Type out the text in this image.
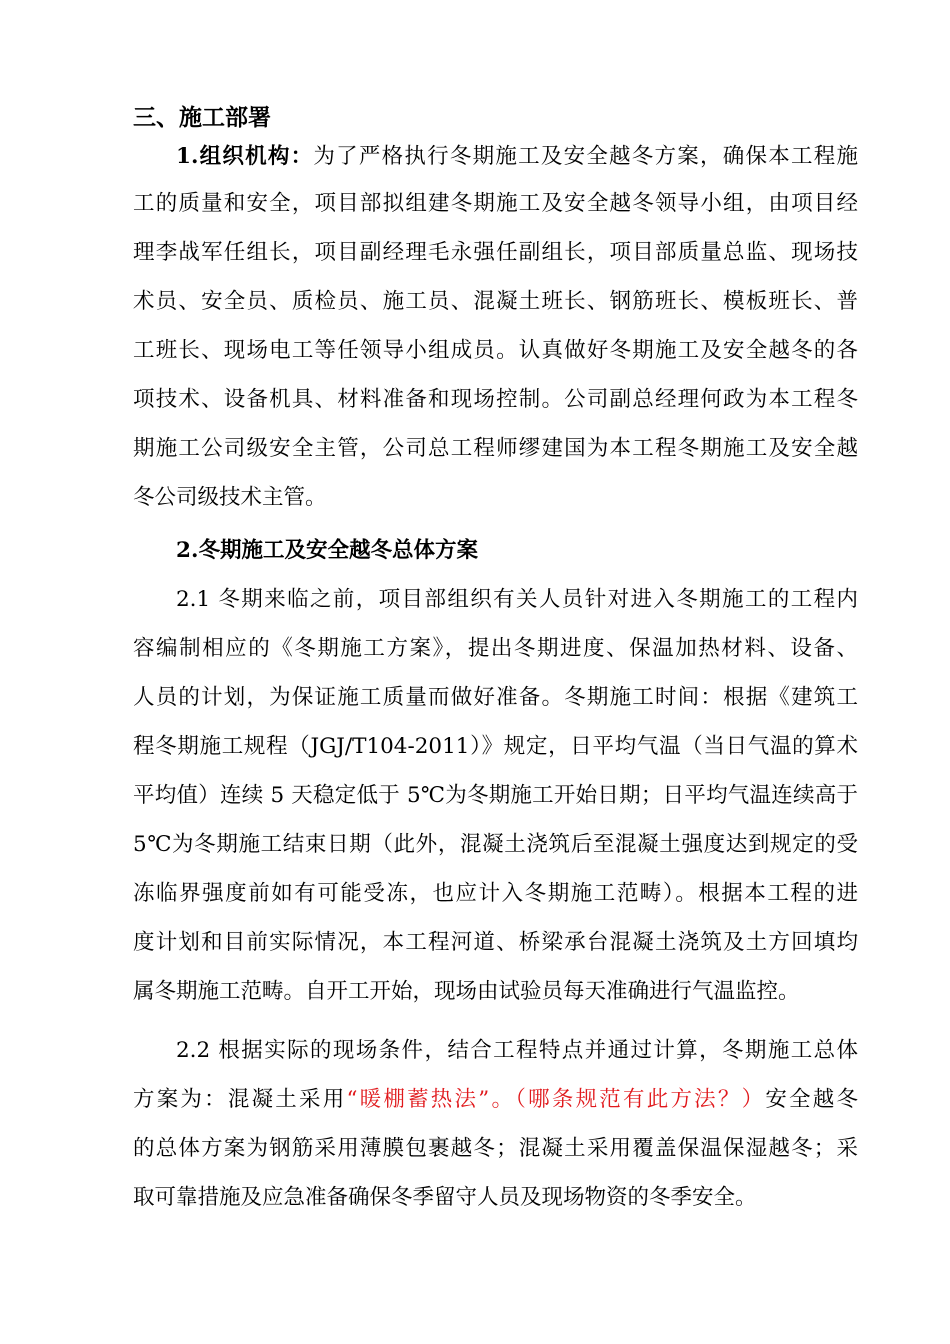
三、施工部署
1.组织机构：为了严格执行冬期施工及安全越冬方案，确保本工程施
工的质量和安全，项目部拟组建冬期施工及安全越冬领导小组，由项目经
理李战军任组长，项目副经理毛永强任副组长，项目部质量总监、现场技
术员、安全员、质检员、施工员、混凝土班长、钢筋班长、模板班长、普
工班长、现场电工等任领导小组成员。认真做好冬期施工及安全越冬的各
项技术、设备机具、材料准备和现场控制。公司副总经理何政为本工程冬
期施工公司级安全主管，公司总工程师缪建国为本工程冬期施工及安全越
冬公司级技术主管。
2.冬期施工及安全越冬总体方案
2.1 冬期来临之前，项目部组织有关人员针对进入冬期施工的工程内
容编制相应的《冬期施工方案》，提出冬期进度、保温加热材料、设备、
人员的计划，为保证施工质量而做好准备。冬期施工时间：根据《建筑工
程冬期施工规程（JGJ/T104-2011）》规定，日平均气温（当日气温的算术
平均值）连续 5 天稳定低于 5℃为冬期施工开始日期；日平均气温连续高于
5℃为冬期施工结束日期（此外，混凝土浇筑后至混凝土强度达到规定的受
冻临界强度前如有可能受冻，也应计入冬期施工范畴）。根据本工程的进
度计划和目前实际情况，本工程河道、桥梁承台混凝土浇筑及土方回填均
属冬期施工范畴。自开工开始，现场由试验员每天准确进行气温监控。
2.2 根据实际的现场条件，结合工程特点并通过计算，冬期施工总体
方案为：混凝土采用“暖棚蓄热法”。（哪条规范有此方法？）安全越冬
的总体方案为钢筋采用薄膜包裹越冬；混凝土采用覆盖保温保湿越冬；采
取可靠措施及应急准备确保冬季留守人员及现场物资的冬季安全。
